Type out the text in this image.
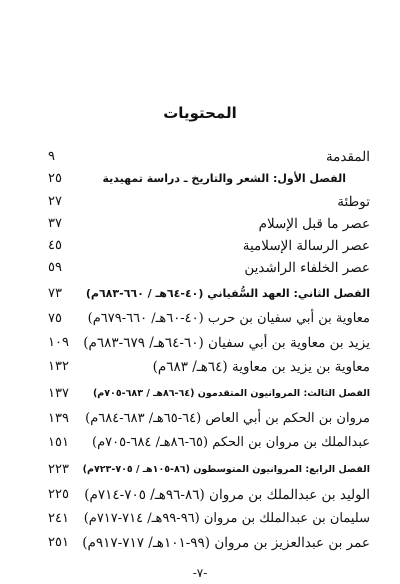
المحتويات
المقدمة
٩
الفصل الأول: الشعر والتاريخ ـ دراسة تمهيدية
٢٥
توطئة
٢٧
عصر ما قبل الإسلام
٣٧
عصر الرسالة الإسلامية
٤٥
عصر الخلفاء الراشدين
٥٩
الفصل الثاني: العهد السُّفياني (٤٠-٦٤هـ / ٦٦٠-٦٨٣م)
٧٣
معاوية بن أبي سفيان بن حرب (٤٠-٦٠هـ/ ٦٦٠-٦٧٩م)
٧٥
يزيد بن معاوية بن أبي سفيان (٦٠-٦٤هـ/ ٦٧٩-٦٨٣م)
١٠٩
معاوية بن يزيد بن معاوية (٦٤هـ/ ٦٨٣م)
١٣٢
الفصل الثالث: المروانيون المتقدمون (٦٤-٨٦هـ / ٦٨٣-٧٠٥م)
١٣٧
مروان بن الحكم بن أبي العاص (٦٤-٦٥هـ/ ٦٨٣-٦٨٤م)
١٣٩
عبدالملك بن مروان بن الحكم (٦٥-٨٦هـ/ ٦٨٤-٧٠٥م)
١٥١
الفصل الرابع: المروانيون المتوسطون (٨٦-١٠٥هـ / ٧٠٥-٧٢٣م)
٢٢٣
الوليد بن عبدالملك بن مروان (٨٦-٩٦هـ/ ٧٠٥-٧١٤م)
٢٢٥
سليمان بن عبدالملك بن مروان (٩٦-٩٩هـ/ ٧١٤-٧١٧م)
٢٤١
عمر بن عبدالعزيز بن مروان (٩٩-١٠١هـ/ ٧١٧-٩١٧م)
٢٥١
-٧-
